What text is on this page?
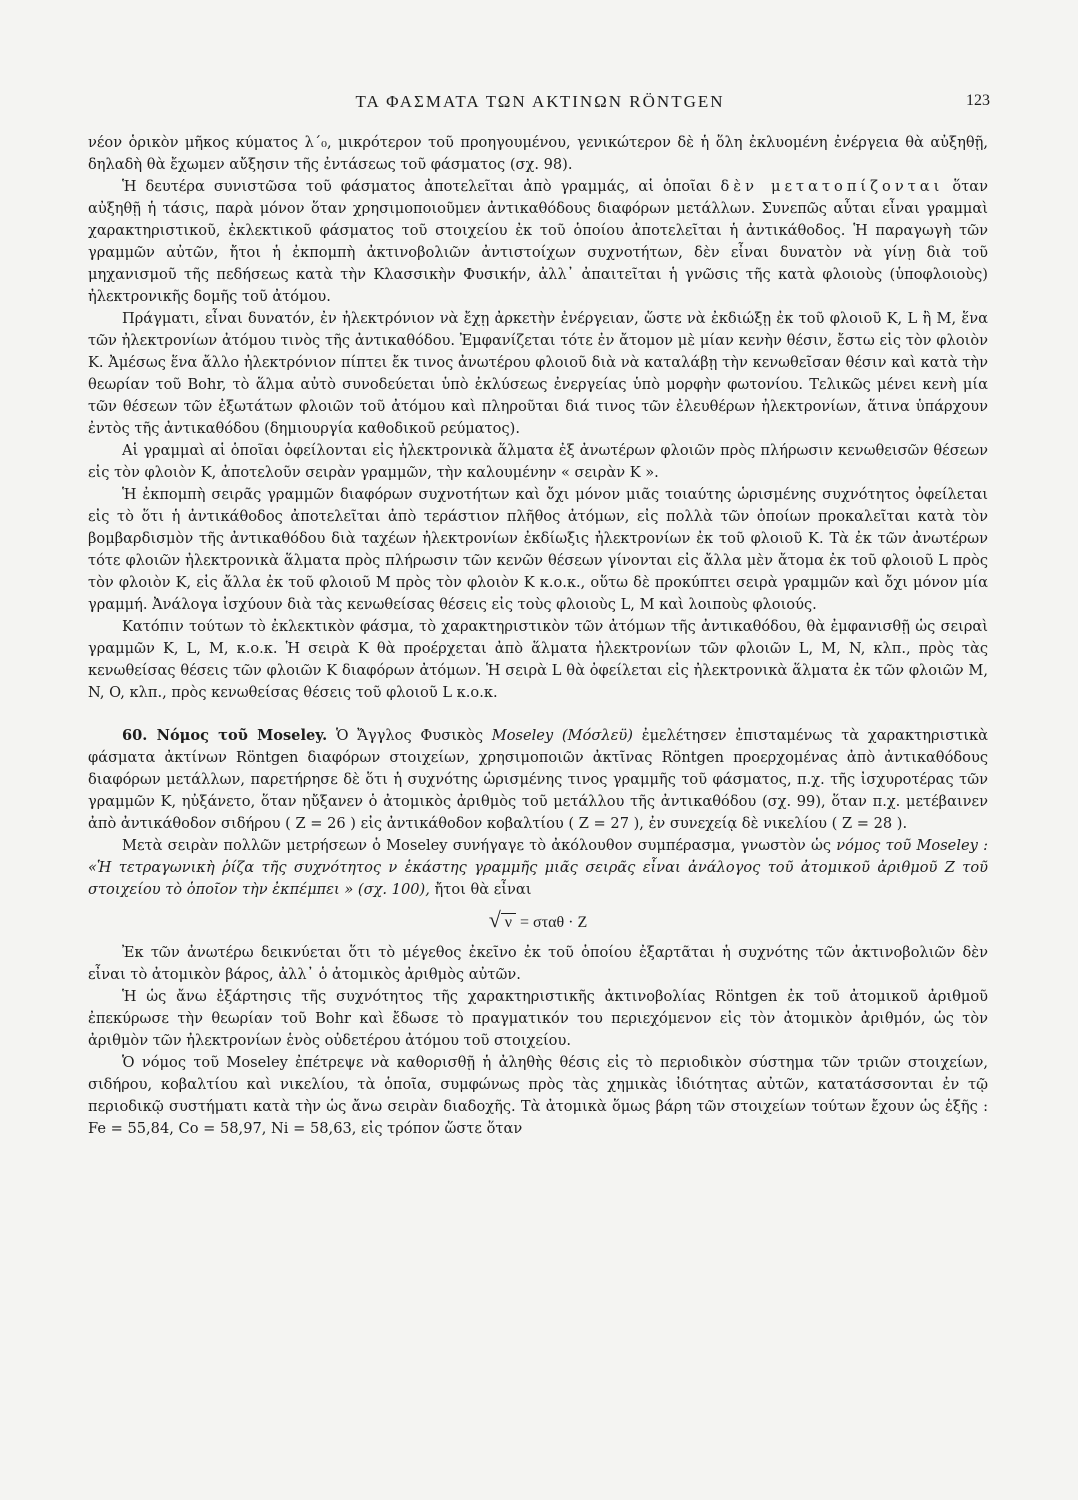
ΤΑ ΦΑΣΜΑΤΑ ΤΩΝ ΑΚΤΙΝΩΝ RÖNTGEN	123

νέον ὁρικὸν μῆκος κύματος λ΄₀, μικρότερον τοῦ προηγουμένου, γενικώτερον δὲ ἡ ὅλη ἐκλυομένη ἐνέργεια θὰ αὐξηθῇ, δηλαδὴ θὰ ἔχωμεν αὔξησιν τῆς ἐντάσεως τοῦ φάσματος (σχ. 98).

Ἡ δευτέρα συνιστῶσα τοῦ φάσματος ἀποτελεῖται ἀπὸ γραμμάς, αἱ ὁποῖαι δὲν μετατοπίζονται ὅταν αὐξηθῇ ἡ τάσις, παρὰ μόνον ὅταν χρησιμοποιοῦμεν ἀντικαθόδους διαφόρων μετάλλων. Συνεπῶς αὗται εἶναι γραμμαὶ χαρακτηριστικοῦ, ἐκλεκτικοῦ φάσματος τοῦ στοιχείου ἐκ τοῦ ὁποίου ἀποτελεῖται ἡ ἀντικάθοδος. Ἡ παραγωγὴ τῶν γραμμῶν αὐτῶν, ἤτοι ἡ ἐκπομπὴ ἀκτινοβολιῶν ἀντιστοίχων συχνοτήτων, δὲν εἶναι δυνατὸν νὰ γίνῃ διὰ τοῦ μηχανισμοῦ τῆς πεδήσεως κατὰ τὴν Κλασσικὴν Φυσικήν, ἀλλ᾿ ἀπαιτεῖται ἡ γνῶσις τῆς κατὰ φλοιοὺς (ὑποφλοιοὺς) ἠλεκτρονικῆς δομῆς τοῦ ἀτόμου.

Πράγματι, εἶναι δυνατόν, ἐν ἠλεκτρόνιον νὰ ἔχῃ ἀρκετὴν ἐνέργειαν, ὥστε νὰ ἐκδιώξῃ ἐκ τοῦ φλοιοῦ K, L ἢ M, ἕνα τῶν ἠλεκτρονίων ἀτόμου τινὸς τῆς ἀντικαθόδου. Ἐμφανίζεται τότε ἐν ἄτομον μὲ μίαν κενὴν θέσιν, ἔστω εἰς τὸν φλοιὸν K. Ἀμέσως ἕνα ἄλλο ἠλεκτρόνιον πίπτει ἔκ τινος ἀνωτέρου φλοιοῦ διὰ νὰ καταλάβῃ τὴν κενωθεῖσαν θέσιν καὶ κατὰ τὴν θεωρίαν τοῦ Bohr, τὸ ἅλμα αὐτὸ συνοδεύεται ὑπὸ ἐκλύσεως ἐνεργείας ὑπὸ μορφὴν φωτονίου. Τελικῶς μένει κενὴ μία τῶν θέσεων τῶν ἐξωτάτων φλοιῶν τοῦ ἀτόμου καὶ πληροῦται διά τινος τῶν ἐλευθέρων ἠλεκτρονίων, ἅτινα ὑπάρχουν ἐντὸς τῆς ἀντικαθόδου (δημιουργία καθοδικοῦ ρεύματος).

Αἱ γραμμαὶ αἱ ὁποῖαι ὀφείλονται εἰς ἠλεκτρονικὰ ἅλματα ἐξ ἀνωτέρων φλοιῶν πρὸς πλήρωσιν κενωθεισῶν θέσεων εἰς τὸν φλοιὸν K, ἀποτελοῦν σειρὰν γραμμῶν, τὴν καλουμένην « σειρὰν K ».

Ἡ ἐκπομπὴ σειρᾶς γραμμῶν διαφόρων συχνοτήτων καὶ ὄχι μόνον μιᾶς τοιαύτης ὡρισμένης συχνότητος ὀφείλεται εἰς τὸ ὅτι ἡ ἀντικάθοδος ἀποτελεῖται ἀπὸ τεράστιον πλῆθος ἀτόμων, εἰς πολλὰ τῶν ὁποίων προκαλεῖται κατὰ τὸν βομβαρδισμὸν τῆς ἀντικαθόδου διὰ ταχέων ἠλεκτρονίων ἐκδίωξις ἠλεκτρονίων ἐκ τοῦ φλοιοῦ K. Τὰ ἐκ τῶν ἀνωτέρων τότε φλοιῶν ἠλεκτρονικὰ ἅλματα πρὸς πλήρωσιν τῶν κενῶν θέσεων γίνονται εἰς ἄλλα μὲν ἄτομα ἐκ τοῦ φλοιοῦ L πρὸς τὸν φλοιὸν K, εἰς ἄλλα ἐκ τοῦ φλοιοῦ M πρὸς τὸν φλοιὸν K κ.ο.κ., οὕτω δὲ προκύπτει σειρὰ γραμμῶν καὶ ὄχι μόνον μία γραμμή. Ἀνάλογα ἰσχύουν διὰ τὰς κενωθείσας θέσεις εἰς τοὺς φλοιοὺς L, M καὶ λοιποὺς φλοιούς.

Κατόπιν τούτων τὸ ἐκλεκτικὸν φάσμα, τὸ χαρακτηριστικὸν τῶν ἀτόμων τῆς ἀντικαθόδου, θὰ ἐμφανισθῇ ὡς σειραὶ γραμμῶν K, L, M, κ.ο.κ. Ἡ σειρὰ K θὰ προέρχεται ἀπὸ ἅλματα ἠλεκτρονίων τῶν φλοιῶν L, M, N, κλπ., πρὸς τὰς κενωθείσας θέσεις τῶν φλοιῶν K διαφόρων ἀτόμων. Ἡ σειρὰ L θὰ ὀφείλεται εἰς ἠλεκτρονικὰ ἅλματα ἐκ τῶν φλοιῶν M, N, O, κλπ., πρὸς κενωθείσας θέσεις τοῦ φλοιοῦ L κ.ο.κ.

60. Νόμος τοῦ Moseley. Ὁ Ἄγγλος Φυσικὸς Moseley (Μόσλεϋ) ἐμελέτησεν ἐπισταμένως τὰ χαρακτηριστικὰ φάσματα ἀκτίνων Röntgen διαφόρων στοιχείων, χρησιμοποιῶν ἀκτῖνας Röntgen προερχομένας ἀπὸ ἀντικαθόδους διαφόρων μετάλλων, παρετήρησε δὲ ὅτι ἡ συχνότης ὡρισμένης τινος γραμμῆς τοῦ φάσματος, π.χ. τῆς ἰσχυροτέρας τῶν γραμμῶν K, ηὐξάνετο, ὅταν ηὔξανεν ὁ ἀτομικὸς ἀριθμὸς τοῦ μετάλλου τῆς ἀντικαθόδου (σχ. 99), ὅταν π.χ. μετέβαινεν ἀπὸ ἀντικάθοδον σιδήρου ( Z = 26 ) εἰς ἀντικάθοδον κοβαλτίου ( Z = 27 ), ἐν συνεχείᾳ δὲ νικελίου ( Z = 28 ).

Μετὰ σειρὰν πολλῶν μετρήσεων ὁ Moseley συνήγαγε τὸ ἀκόλουθον συμπέρασμα, γνωστὸν ὡς νόμος τοῦ Moseley : «Ἡ τετραγωνικὴ ῥίζα τῆς συχνότητος ν ἑκάστης γραμμῆς μιᾶς σειρᾶς εἶναι ἀνάλογος τοῦ ἀτομικοῦ ἀριθμοῦ Z τοῦ στοιχείου τὸ ὁποῖον τὴν ἐκπέμπει » (σχ. 100), ἤτοι θὰ εἶναι

√ ν = σταθ · Z

Ἐκ τῶν ἀνωτέρω δεικνύεται ὅτι τὸ μέγεθος ἐκεῖνο ἐκ τοῦ ὁποίου ἐξαρτᾶται ἡ συχνότης τῶν ἀκτινοβολιῶν δὲν εἶναι τὸ ἀτομικὸν βάρος, ἀλλ᾿ ὁ ἀτομικὸς ἀριθμὸς αὐτῶν.

Ἡ ὡς ἄνω ἐξάρτησις τῆς συχνότητος τῆς χαρακτηριστικῆς ἀκτινοβολίας Röntgen ἐκ τοῦ ἀτομικοῦ ἀριθμοῦ ἐπεκύρωσε τὴν θεωρίαν τοῦ Bohr καὶ ἔδωσε τὸ πραγματικόν του περιεχόμενον εἰς τὸν ἀτομικὸν ἀριθμόν, ὡς τὸν ἀριθμὸν τῶν ἠλεκτρονίων ἑνὸς οὐδετέρου ἀτόμου τοῦ στοιχείου.

Ὁ νόμος τοῦ Moseley ἐπέτρεψε νὰ καθορισθῇ ἡ ἀληθὴς θέσις εἰς τὸ περιοδικὸν σύστημα τῶν τριῶν στοιχείων, σιδήρου, κοβαλτίου καὶ νικελίου, τὰ ὁποῖα, συμφώνως πρὸς τὰς χημικὰς ἰδιότητας αὐτῶν, κατατάσσονται ἐν τῷ περιοδικῷ συστήματι κατὰ τὴν ὡς ἄνω σειρὰν διαδοχῆς. Τὰ ἀτομικὰ ὅμως βάρη τῶν στοιχείων τούτων ἔχουν ὡς ἑξῆς : Fe = 55,84, Co = 58,97, Ni = 58,63, εἰς τρόπον ὥστε ὅταν
